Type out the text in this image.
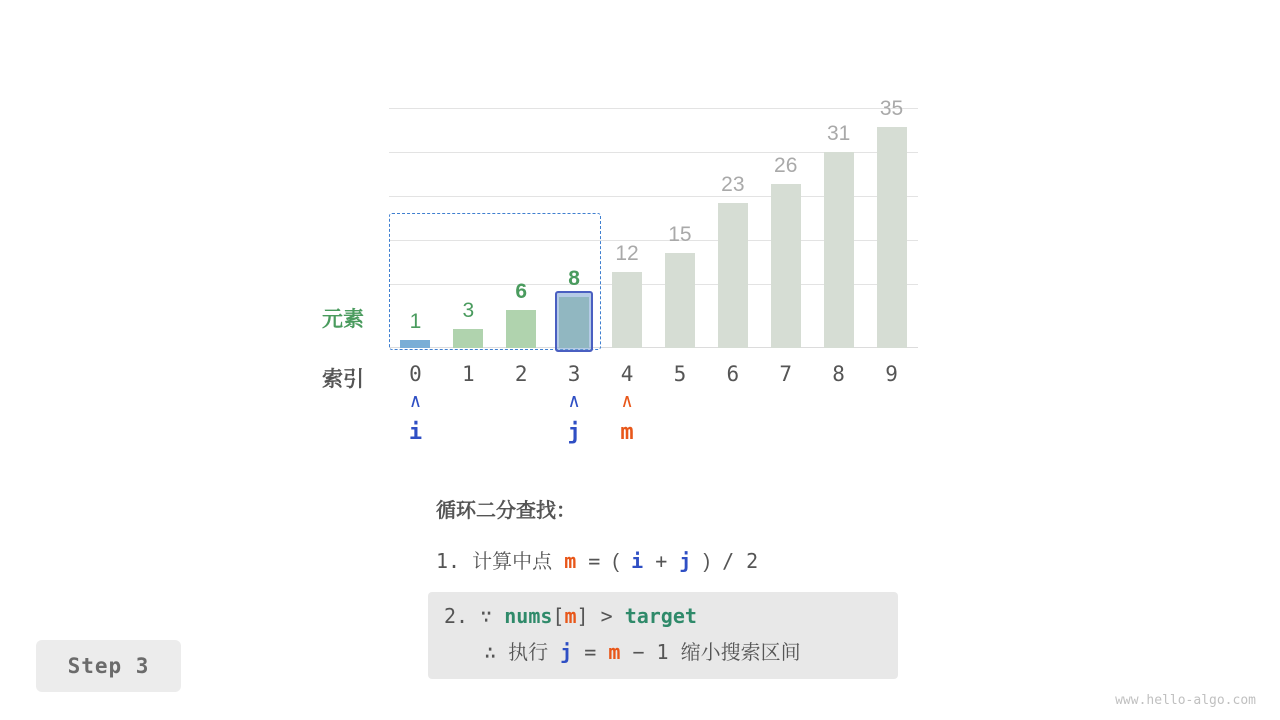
元素
索引
1 3
6
8
12
15
23
26
31
35
0	1	2	3	4	5	6	7	8	9
∧	∧	∧
i	j	m
循环二分查找：
1. 计算中点 m = ( i + j ) / 2
2. ∵ nums[m] > target
∴ 执行 j = m − 1 缩小搜索区间
Step 3
www.hello-algo.com
